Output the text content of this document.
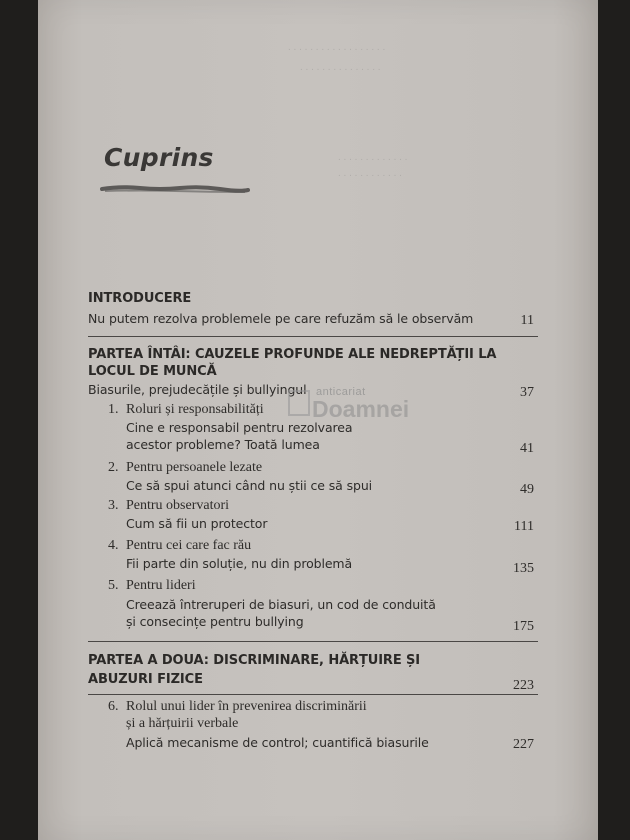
. . . . . . . . . . . . . . . . . .
. . . . . . . . . . . . . . .
. . . . . . . . . . . . .
. . . . . . . . . . . .
Cuprins
INTRODUCERE
Nu putem rezolva problemele pe care refuzăm să le observăm	11
PARTEA ÎNTÂI: CAUZELE PROFUNDE ALE NEDREPTĂȚII LA
LOCUL DE MUNCĂ
Biasurile, prejudecățile și bullyingul	37
anticariat
Doamnei
1. Roluri și responsabilități
Cine e responsabil pentru rezolvarea
acestor probleme? Toată lumea	41
2. Pentru persoanele lezate
Ce să spui atunci când nu știi ce să spui	49
3. Pentru observatori
Cum să fii un protector	111
4. Pentru cei care fac rău
Fii parte din soluție, nu din problemă	135
5. Pentru lideri
Creează întreruperi de biasuri, un cod de conduită
și consecințe pentru bullying	175
PARTEA A DOUA: DISCRIMINARE, HĂRȚUIRE ȘI
ABUZURI FIZICE	223
6. Rolul unui lider în prevenirea discriminării
și a hărțuirii verbale
Aplică mecanisme de control; cuantifică biasurile	227
